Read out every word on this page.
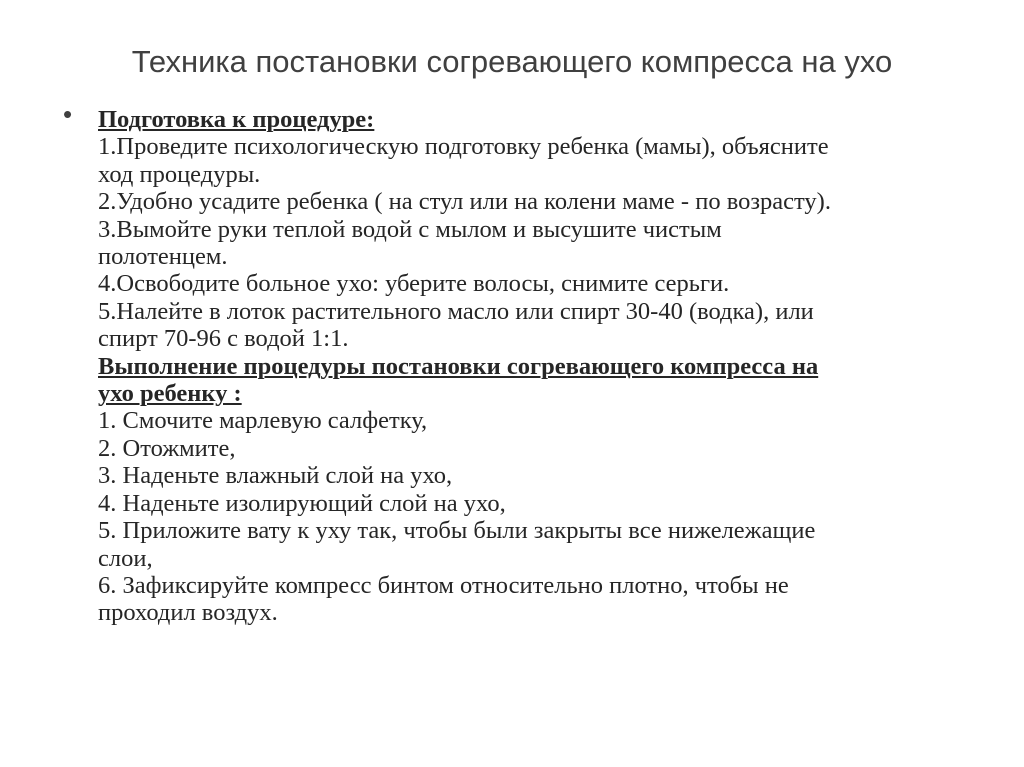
Техника постановки согревающего компресса на ухо
• Подготовка к процедуре:
1.Проведите психологическую подготовку ребенка (мамы), объясните
ход процедуры.
2.Удобно усадите ребенка ( на стул или на колени маме - по возрасту).
3.Вымойте руки теплой водой с мылом и высушите чистым
полотенцем.
4.Освободите больное ухо: уберите волосы, снимите серьги.
5.Налейте в лоток растительного масло или спирт 30-40 (водка), или
спирт 70-96 с водой 1:1.
Выполнение процедуры постановки согревающего компресса на
ухо ребенку :
1. Смочите марлевую салфетку,
2. Отожмите,
3. Наденьте влажный слой на ухо,
4. Наденьте изолирующий слой на ухо,
5. Приложите вату к уху так, чтобы были закрыты все нижележащие
слои,
6. Зафиксируйте компресс бинтом относительно плотно, чтобы не
проходил воздух.
